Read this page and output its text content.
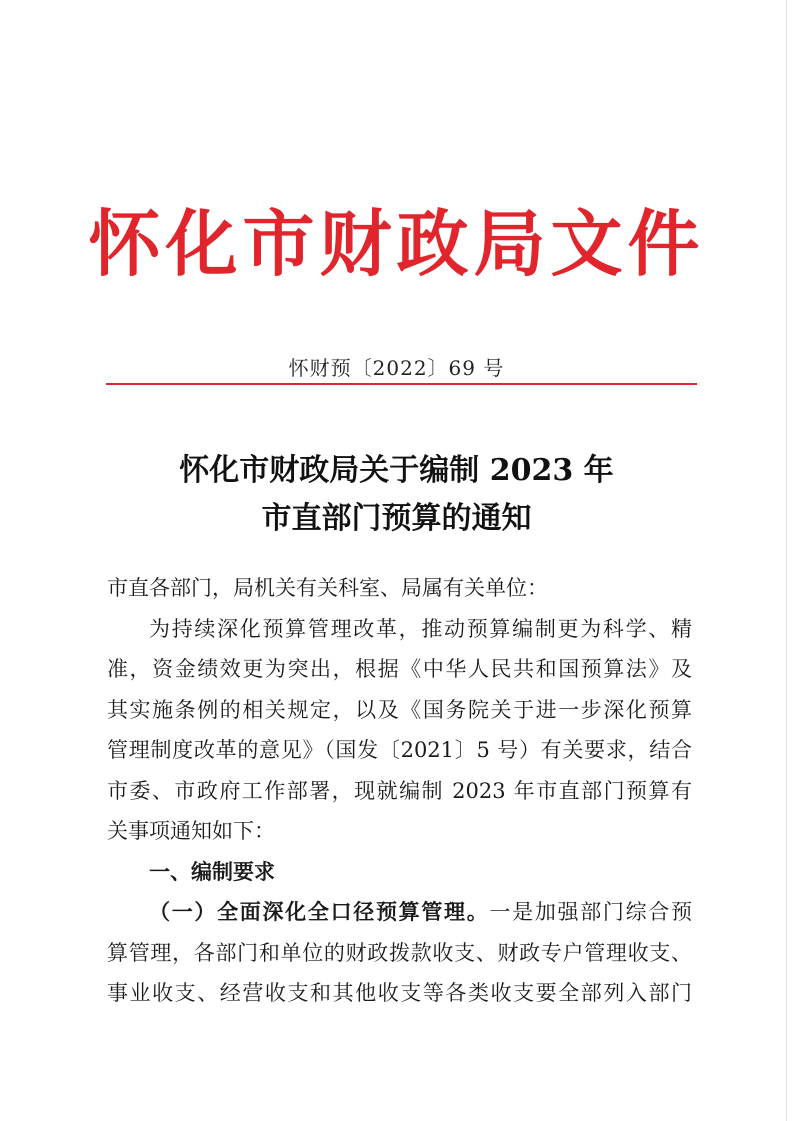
怀化市财政局文件
怀财预〔2022〕69 号
怀化市财政局关于编制 2023 年
市直部门预算的通知
市直各部门，局机关有关科室、局属有关单位：
为持续深化预算管理改革，推动预算编制更为科学、精
准，资金绩效更为突出，根据《中华人民共和国预算法》及
其实施条例的相关规定，以及《国务院关于进一步深化预算
管理制度改革的意见》（国发〔2021〕5 号）有关要求，结合
市委、市政府工作部署，现就编制 2023 年市直部门预算有
关事项通知如下：
一、编制要求
（一）全面深化全口径预算管理。一是加强部门综合预
算管理，各部门和单位的财政拨款收支、财政专户管理收支、
事业收支、经营收支和其他收支等各类收支要全部列入部门
